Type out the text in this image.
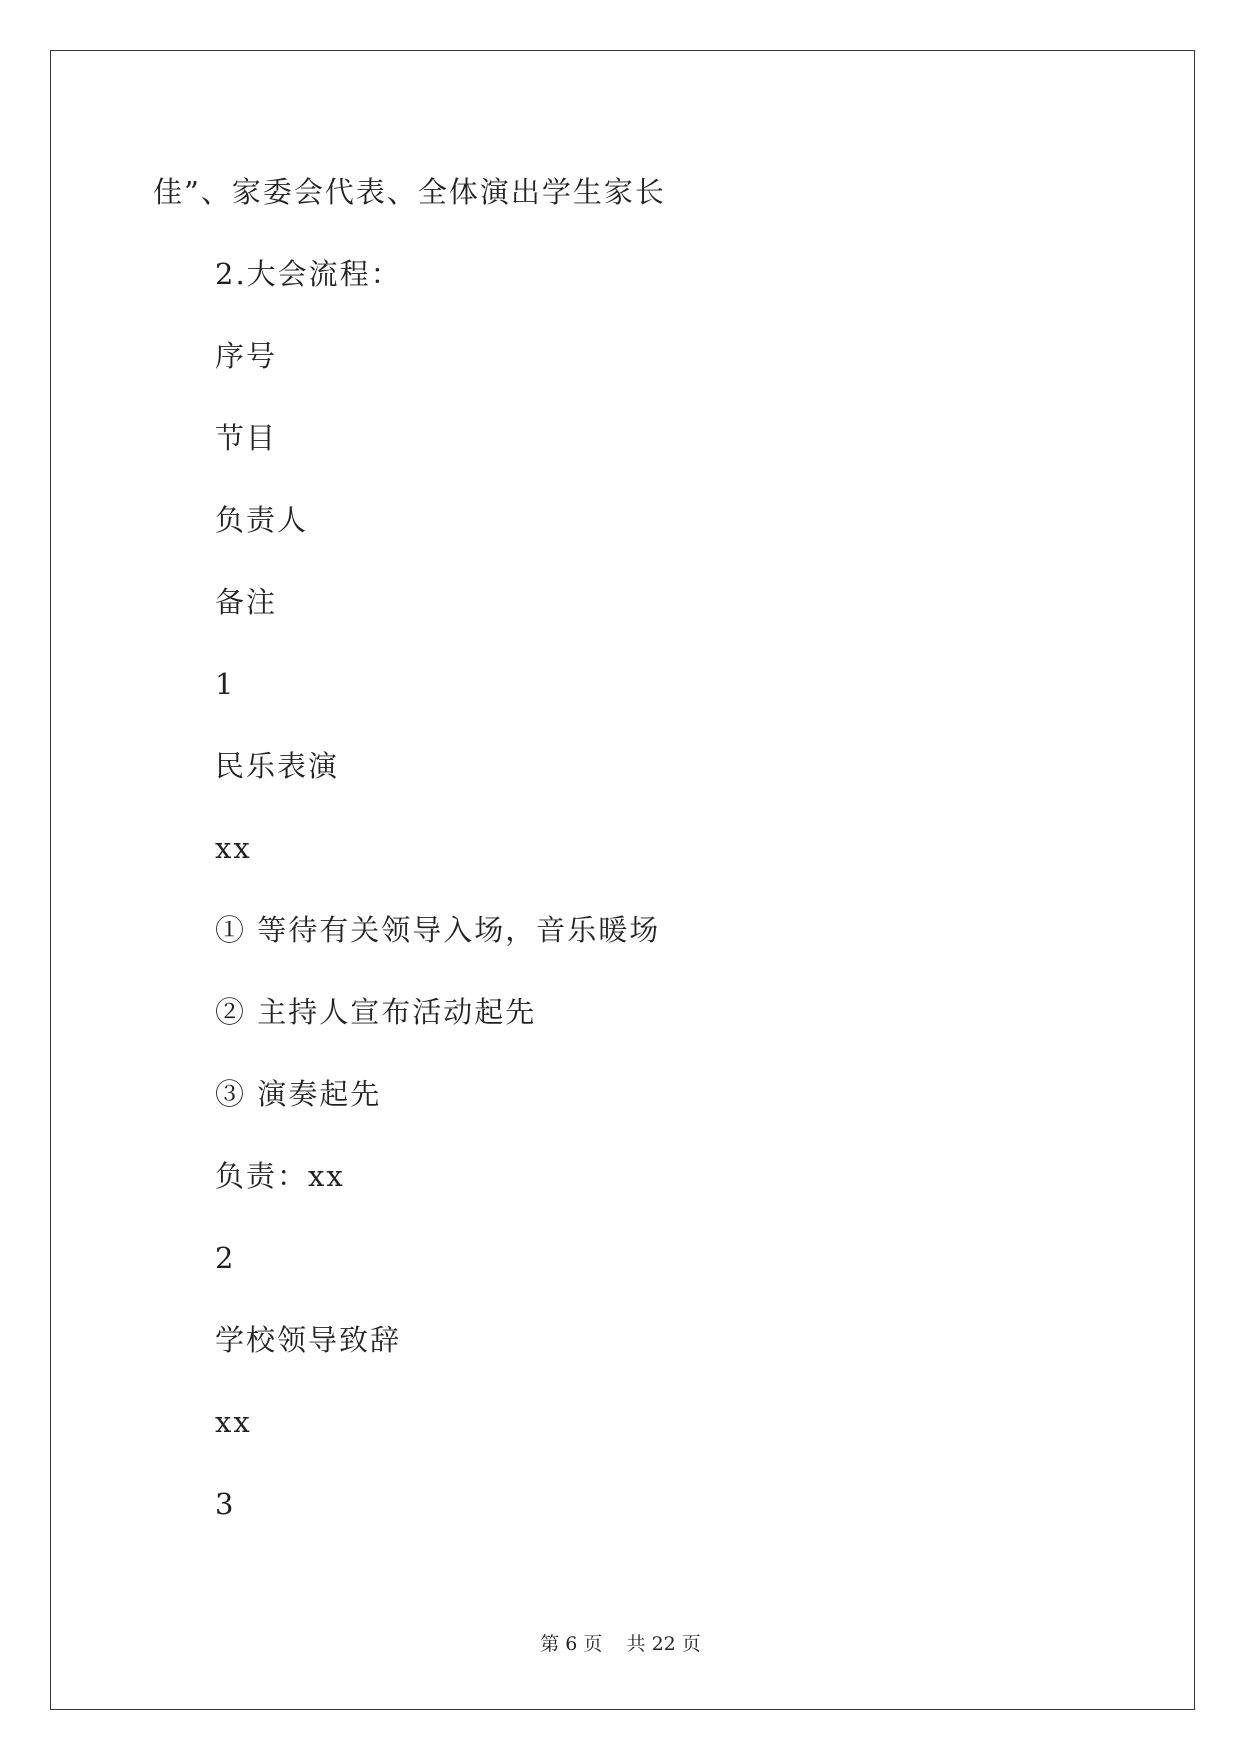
佳”、家委会代表、全体演出学生家长
2.大会流程：
序号
节目
负责人
备注
1
民乐表演
xx
① 等待有关领导入场，音乐暖场
② 主持人宣布活动起先
③ 演奏起先
负责：xx
2
学校领导致辞
xx
3
第 6 页    共 22 页
